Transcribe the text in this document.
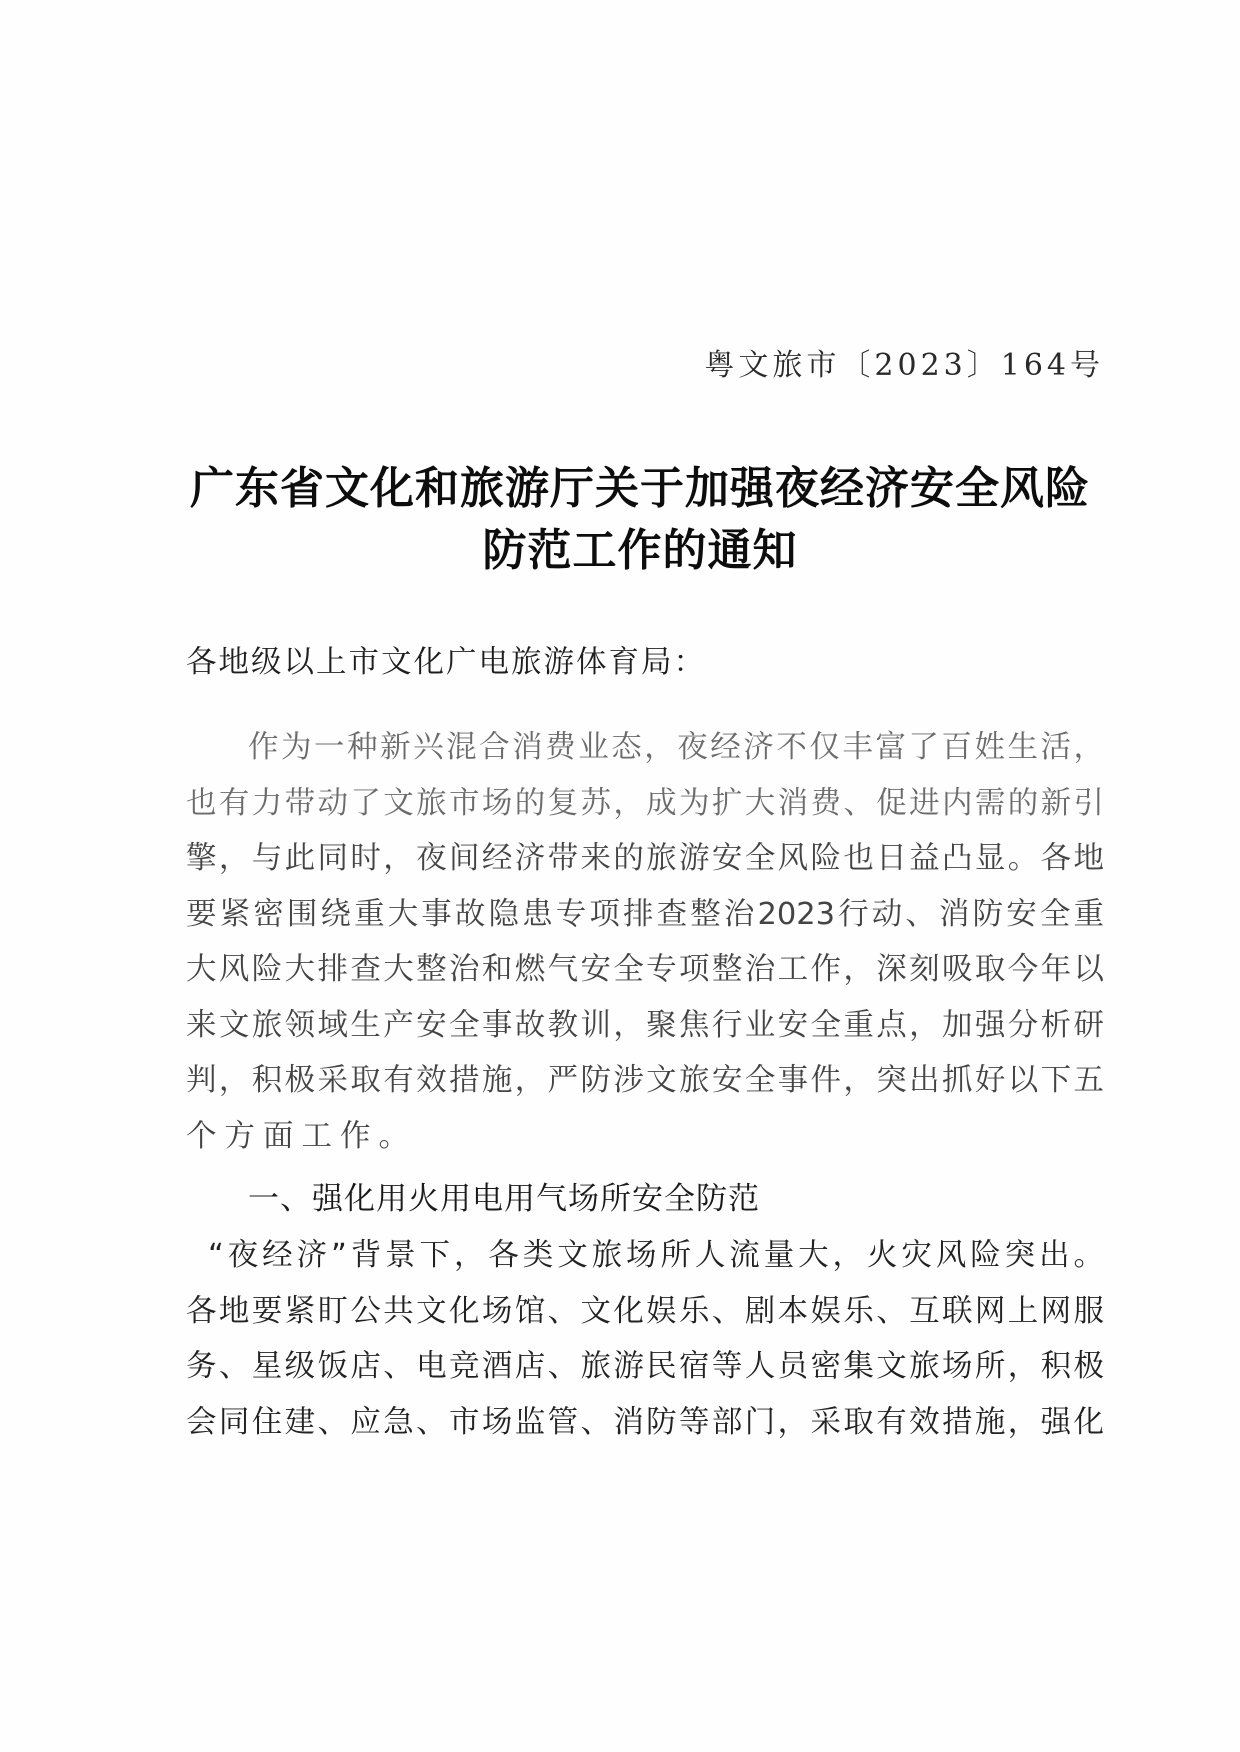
粤文旅市〔2023〕164号
广东省文化和旅游厅关于加强夜经济安全风险
防范工作的通知
各地级以上市文化广电旅游体育局：
作为一种新兴混合消费业态，夜经济不仅丰富了百姓生活，
也有力带动了文旅市场的复苏，成为扩大消费、促进内需的新引
擎，与此同时，夜间经济带来的旅游安全风险也日益凸显。各地
要紧密围绕重大事故隐患专项排查整治2023行动、消防安全重
大风险大排查大整治和燃气安全专项整治工作，深刻吸取今年以
来文旅领域生产安全事故教训，聚焦行业安全重点，加强分析研
判，积极采取有效措施，严防涉文旅安全事件，突出抓好以下五
个方面工作。
一、强化用火用电用气场所安全防范
“夜经济”背景下，各类文旅场所人流量大，火灾风险突出。
各地要紧盯公共文化场馆、文化娱乐、剧本娱乐、互联网上网服
务、星级饭店、电竞酒店、旅游民宿等人员密集文旅场所，积极
会同住建、应急、市场监管、消防等部门，采取有效措施，强化
